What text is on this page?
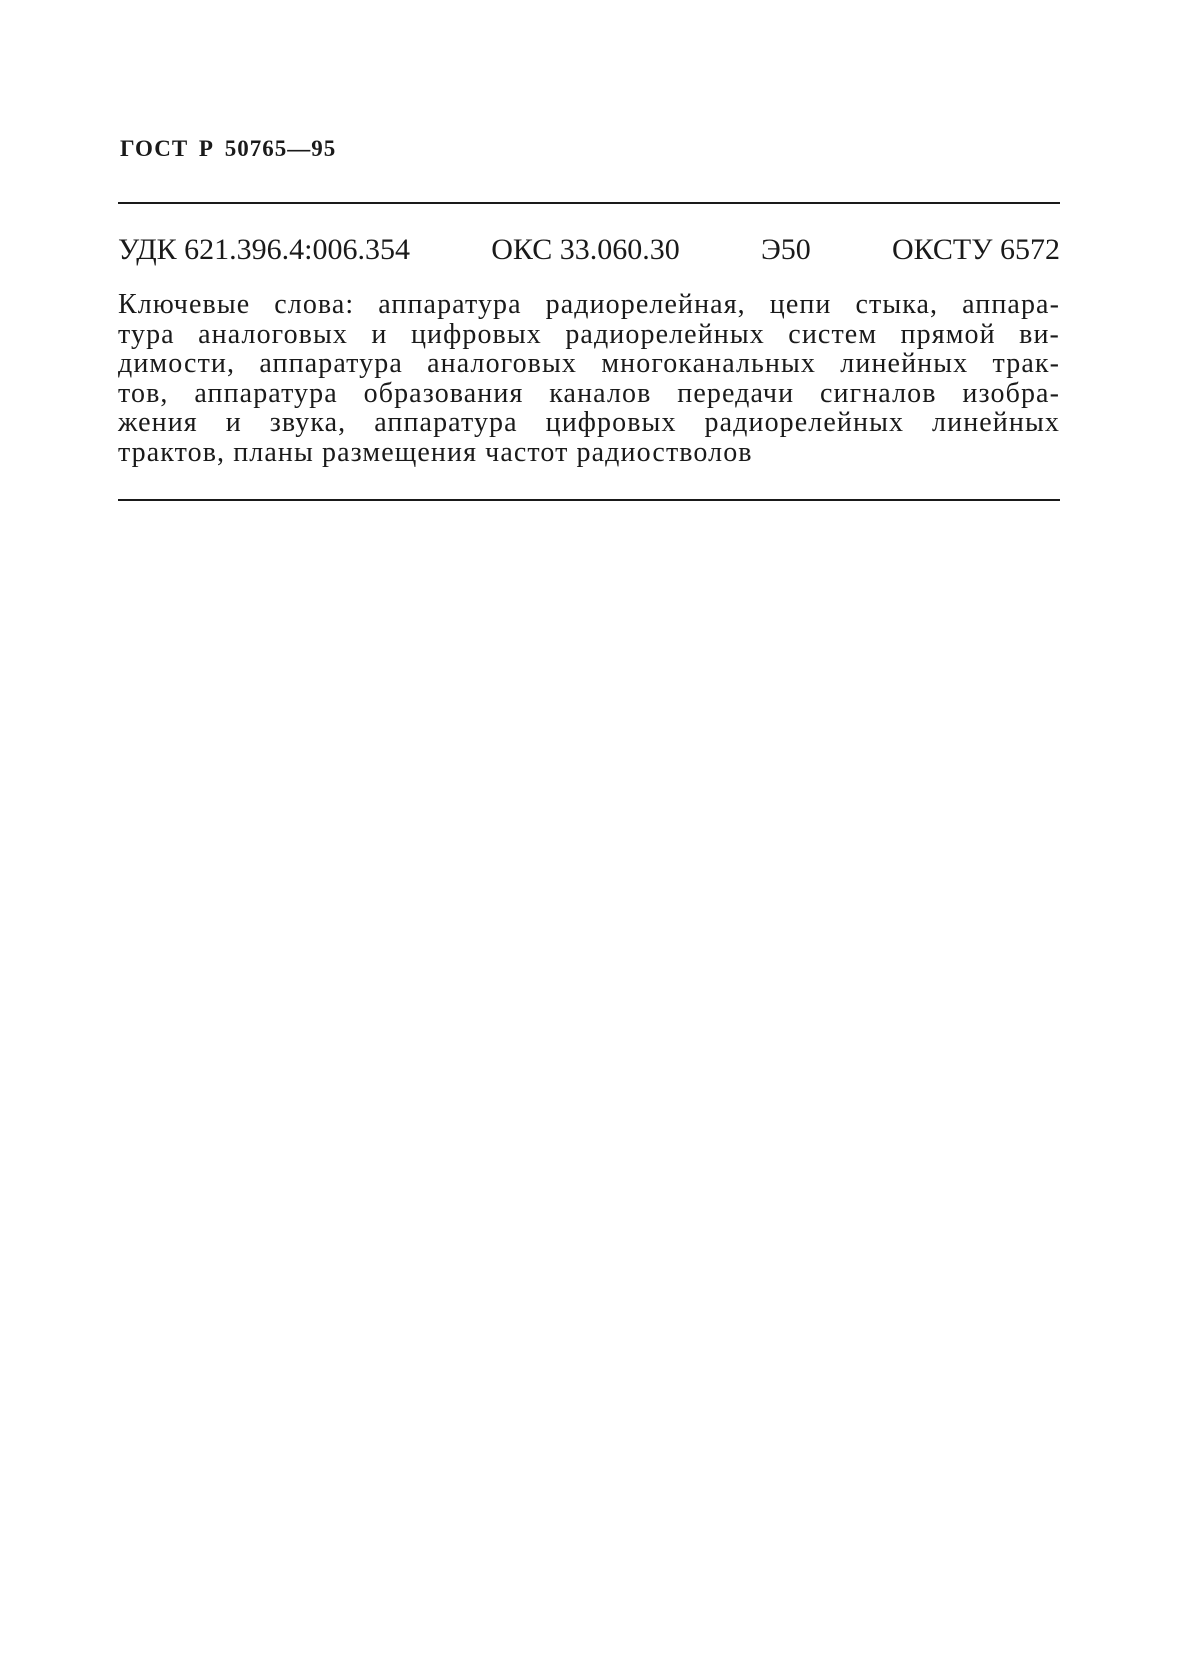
ГОСТ Р 50765—95
УДК 621.396.4:006.354	ОКС 33.060.30	Э50	ОКСТУ 6572
Ключевые слова: аппаратура радиорелейная, цепи стыка, аппара-
тура аналоговых и цифровых радиорелейных систем прямой ви-
димости, аппаратура аналоговых многоканальных линейных трак-
тов, аппаратура образования каналов передачи сигналов изобра-
жения и звука, аппаратура цифровых радиорелейных линейных
трактов, планы размещения частот радиостволов
